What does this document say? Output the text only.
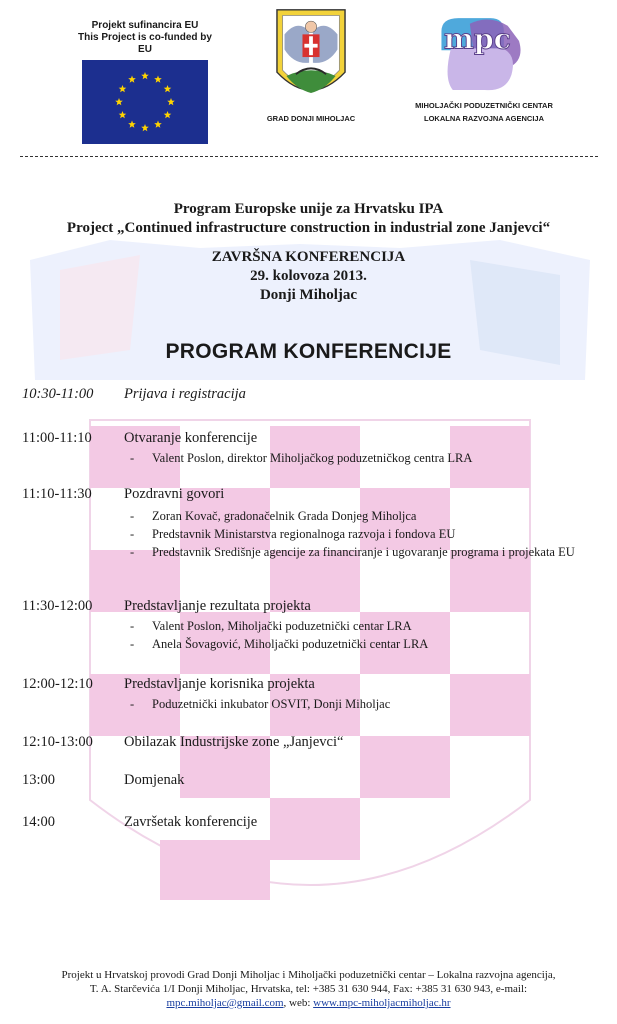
Projekt sufinancira EU
This Project is co-funded by EU
GRAD DONJI MIHOLJAC
mpc
MIHOLJAČKI PODUZETNIČKI CENTAR
LOKALNA RAZVOJNA AGENCIJA
Program Europske unije za Hrvatsku IPA
Project „Continued infrastructure construction in industrial zone Janjevci“
ZAVRŠNA KONFERENCIJA
29. kolovoza 2013.
Donji Miholjac
PROGRAM KONFERENCIJE
10:30-11:00 Prijava i registracija
11:00-11:10 Otvaranje konferencije
- Valent Poslon, direktor Miholjačkog poduzetničkog centra LRA
11:10-11:30 Pozdravni govori
- Zoran Kovač, gradonačelnik Grada Donjeg Miholjca
- Predstavnik Ministarstva regionalnoga razvoja i fondova EU
- Predstavnik Središnje agencije za financiranje i ugovaranje programa i projekata EU
11:30-12:00 Predstavljanje rezultata projekta
- Valent Poslon, Miholjački poduzetnički centar LRA
- Anela Šovagović, Miholjački poduzetnički centar LRA
12:00-12:10 Predstavljanje korisnika projekta
- Poduzetnički inkubator OSVIT, Donji Miholjac
12:10-13:00 Obilazak Industrijske zone „Janjevci“
13:00	Domjenak
14:00	Završetak konferencije
Projekt u Hrvatskoj provodi Grad Donji Miholjac i Miholjački poduzetnički centar – Lokalna razvojna agencija,
T. A. Starčevića 1/I Donji Miholjac, Hrvatska, tel: +385 31 630 944, Fax: +385 31 630 943, e-mail:
mpc.miholjac@gmail.com, web: www.mpc-miholjacmiholjac.hr
